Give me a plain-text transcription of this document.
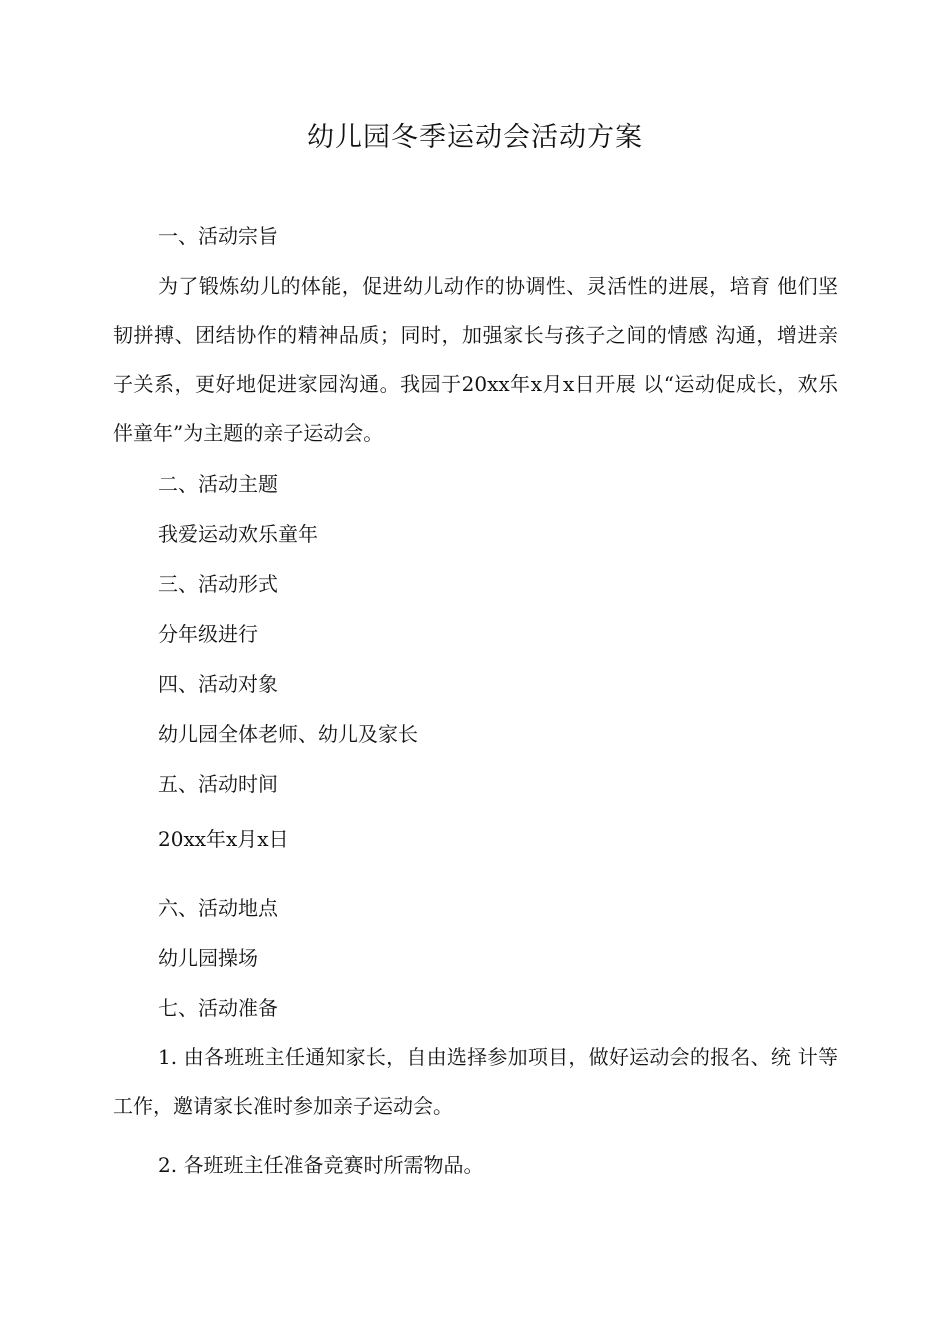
幼儿园冬季运动会活动方案

一、活动宗旨

为了锻炼幼儿的体能，促进幼儿动作的协调性、灵活性的进展，培育 他们坚韧拼搏、团结协作的精神品质；同时，加强家长与孩子之间的情感 沟通，增进亲子关系，更好地促进家园沟通。我园于20xx年x月x日开展 以“运动促成长，欢乐伴童年”为主题的亲子运动会。

二、活动主题

我爱运动欢乐童年

三、活动形式

分年级进行

四、活动对象

幼儿园全体老师、幼儿及家长

五、活动时间

20xx年x月x日

六、活动地点

幼儿园操场

七、活动准备

1. 由各班班主任通知家长，自由选择参加项目，做好运动会的报名、统 计等工作，邀请家长准时参加亲子运动会。

2. 各班班主任准备竞赛时所需物品。
